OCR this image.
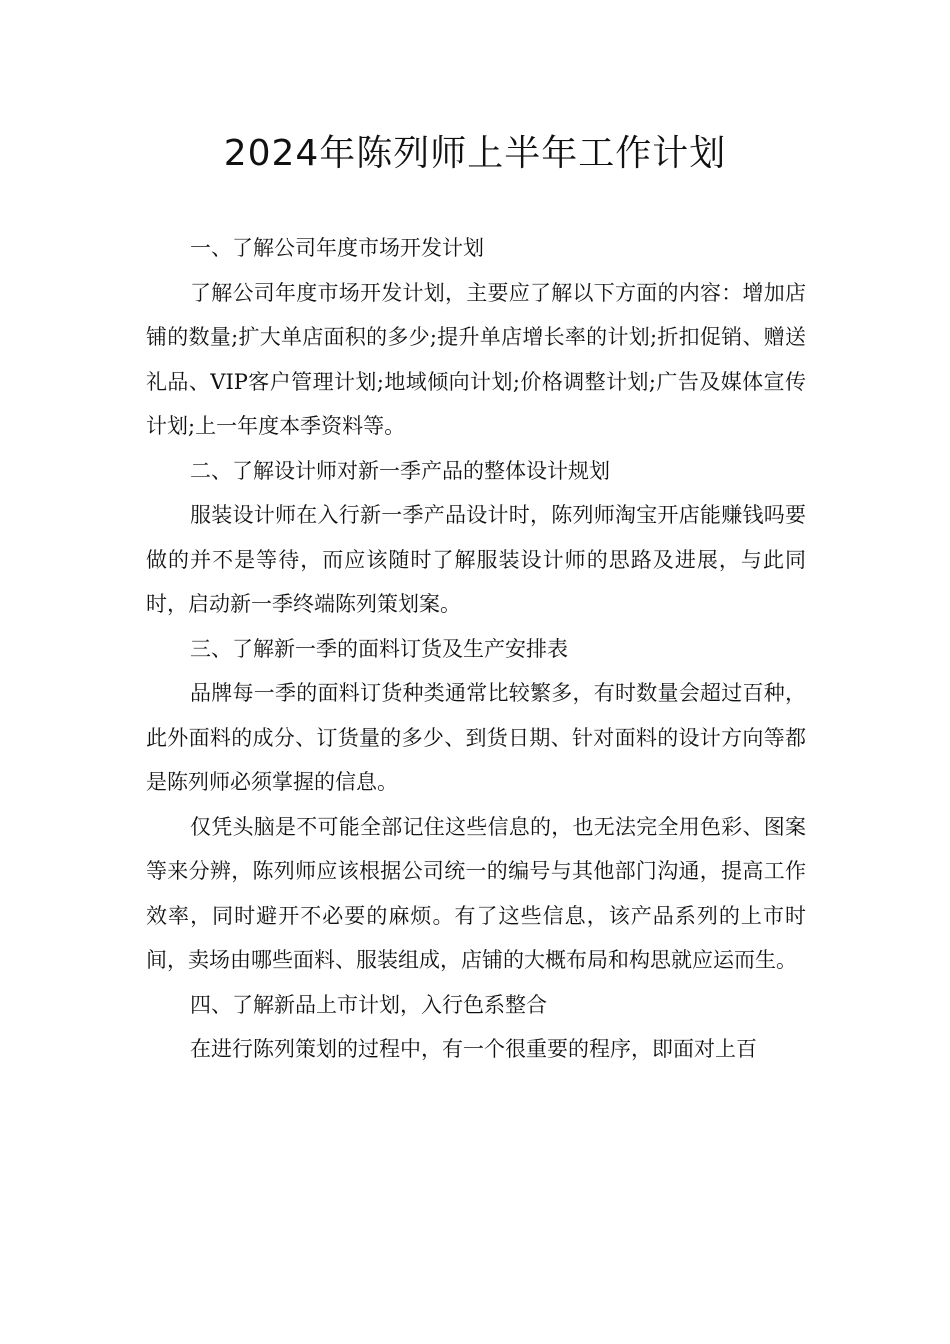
2024年陈列师上半年工作计划

一、了解公司年度市场开发计划

了解公司年度市场开发计划，主要应了解以下方面的内容：增加店铺的数量;扩大单店面积的多少;提升单店增长率的计划;折扣促销、赠送礼品、VIP客户管理计划;地域倾向计划;价格调整计划;广告及媒体宣传计划;上一年度本季资料等。

二、了解设计师对新一季产品的整体设计规划

服装设计师在入行新一季产品设计时，陈列师淘宝开店能赚钱吗要做的并不是等待，而应该随时了解服装设计师的思路及进展，与此同时，启动新一季终端陈列策划案。

三、了解新一季的面料订货及生产安排表

品牌每一季的面料订货种类通常比较繁多，有时数量会超过百种，此外面料的成分、订货量的多少、到货日期、针对面料的设计方向等都是陈列师必须掌握的信息。

仅凭头脑是不可能全部记住这些信息的，也无法完全用色彩、图案等来分辨，陈列师应该根据公司统一的编号与其他部门沟通，提高工作效率，同时避开不必要的麻烦。有了这些信息，该产品系列的上市时间，卖场由哪些面料、服装组成，店铺的大概布局和构思就应运而生。

四、了解新品上市计划，入行色系整合

在进行陈列策划的过程中，有一个很重要的程序，即面对上百
